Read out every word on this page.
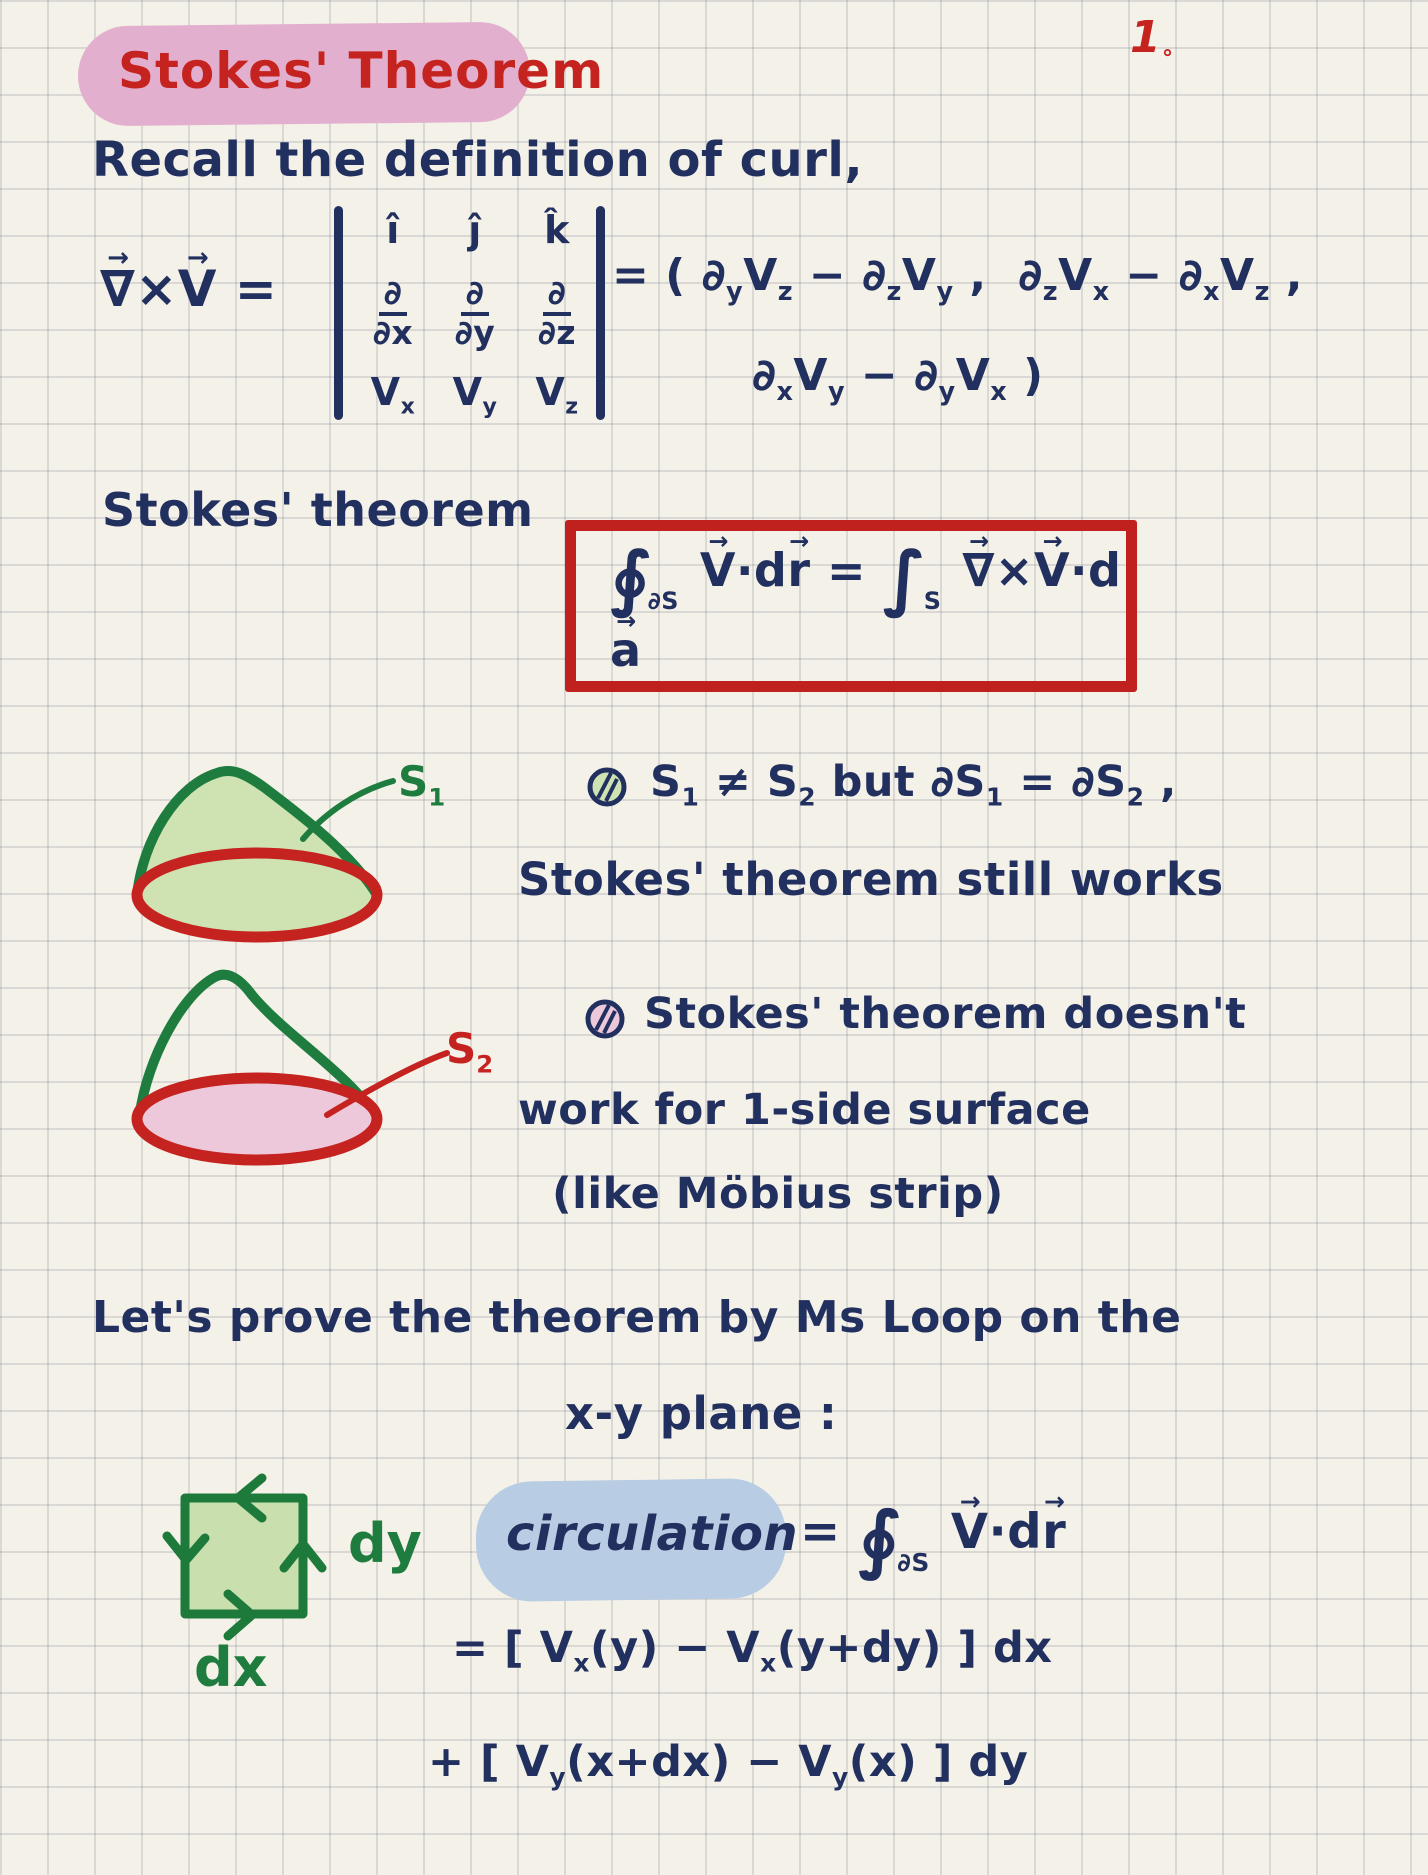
1∘
Stokes' Theorem
Recall the definition of curl,
∇ →×V → =
î ĵ k̂
$\frac{\partial}{\partial x} \frac{\partial}{\partial y} \frac{\partial}{\partial z}$
$V_x$ $V_y$ $V_z$
= ( $\partial_yV_z - \partial_zV_y$ ,  $\partial_zV_x - \partial_xV_z$ ,
$\partial_xV_y - \partial_yV_x$ )
Stokes' theorem
∮∂SV →·dr → = ∫S∇ →×V →·da →
$S_1$	$S_1 \ne S_2$ but $\partial S_1 = \partial S_2$ ,
Stokes' theorem still works
$S_2$
Stokes' theorem doesn't
work for 1-side surface
(like Möbius strip)
Let's prove the theorem by Ms Loop on the
x-y plane :
dy
dx
circulation = ∮∂SV →·dr →
= [ $V_x(y) - V_x(y+dy)$ ] dx
+ [ $V_y(x+dx) - V_y(x)$ ] dy
